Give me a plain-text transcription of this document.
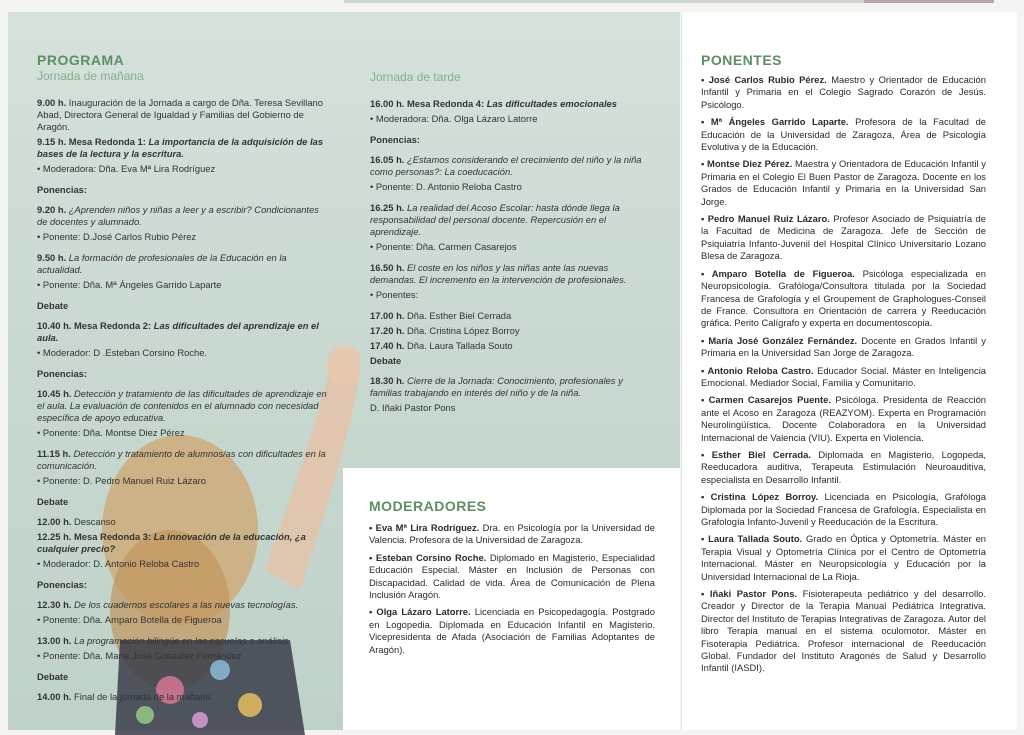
PROGRAMA
Jornada de mañana
9.00 h. Inauguración de la Jornada a cargo de Dña. Teresa Sevillano Abad, Directora General de Igualdad y Familias del Gobierno de Aragón.
9.15 h. Mesa Redonda 1: La importancia de la adquisición de las bases de la lectura y la escritura.
• Moderadora: Dña. Eva Mª Lira Rodríguez
Ponencias:
9.20 h. ¿Aprenden niños y niñas a leer y a escribir? Condicionantes de docentes y alumnado.
• Ponente: D.José Carlos Rubio Pérez
9.50 h. La formación de profesionales de la Educación en la actualidad.
• Ponente: Dña. Mª Ángeles Garrido Laparte
Debate
10.40 h. Mesa Redonda 2: Las dificultades del aprendizaje en el aula.
• Moderador: D .Esteban Corsino Roche.
Ponencias:
10.45 h. Detección y tratamiento de las dificultades de aprendizaje en el aula. La evaluación de contenidos en el alumnado con necesidad específica de apoyo educativa.
• Ponente: Dña. Montse Diez Pérez
11.15 h. Detección y tratamiento de alumnos/as con dificultades en la comunicación.
• Ponente: D. Pedro Manuel Ruiz Lázaro
Debate
12.00 h. Descanso
12.25 h. Mesa Redonda 3: La innovación de la educación, ¿a cualquier precio?
• Moderador: D. Antonio Reloba Castro
Ponencias:
12.30 h. De los cuadernos escolares a las nuevas tecnologías.
• Ponente: Dña. Amparo Botella de Figueroa
13.00 h. La programación bilingüe en las escuelas a análisis.
• Ponente: Dña. María José González Fernández
Debate
14.00 h. Final de la jornada de la mañana
Jornada de tarde
16.00 h. Mesa Redonda 4: Las dificultades emocionales
• Moderadora: Dña. Olga Lázaro Latorre
Ponencias:
16.05 h. ¿Estamos considerando el crecimiento del niño y la niña como personas?: La coeducación.
• Ponente: D. Antonio Reloba Castro
16.25 h. La realidad del Acoso Escolar: hasta dónde llega la responsabilidad del personal docente. Repercusión en el aprendizaje.
• Ponente: Dña. Carmen Casarejos
16.50 h. El coste en los niños y las niñas ante las nuevas demandas. El incremento en la intervención de profesionales.
• Ponentes:
17.00 h. Dña. Esther Biel Cerrada
17.20 h. Dña. Cristina López Borroy
17.40 h. Dña. Laura Tallada Souto
Debate
18.30 h. Cierre de la Jornada: Conocimiento, profesionales y familias trabajando en interés del niño y de la niña.
D. Iñaki Pastor Pons
MODERADORES
• Eva Mª Lira Rodríguez. Dra. en Psicología por la Universidad de Valencia. Profesora de la Universidad de Zaragoza.
• Esteban Corsino Roche. Diplomado en Magisterio, Especialidad Educación Especial. Máster en Inclusión de Personas con Discapacidad. Calidad de vida. Área de Comunicación de Plena Inclusión Aragón.
• Olga Lázaro Latorre. Licenciada en Psicopedagogía. Postgrado en Logopedia. Diplomada en Educación Infantil en Magisterio. Vicepresidenta de Afada (Asociación de Familias Adoptantes de Aragón).
PONENTES
• José Carlos Rubio Pérez. Maestro y Orientador de Educación Infantil y Primaria en el Colegio Sagrado Corazón de Jesús. Psicólogo.
• Mª Ángeles Garrido Laparte. Profesora de la Facultad de Educación de la Universidad de Zaragoza, Área de Psicología Evolutiva y de la Educación.
• Montse Diez Pérez. Maestra y Orientadora de Educación Infantil y Primaria en el Colegio El Buen Pastor de Zaragoza. Docente en los Grados de Educación Infantil y Primaria en la Universidad San Jorge.
• Pedro Manuel Ruiz Lázaro. Profesor Asociado de Psiquiatría de la Facultad de Medicina de Zaragoza. Jefe de Sección de Psiquiatría Infanto-Juvenil del Hospital Clínico Universitario Lozano Blesa de Zaragoza.
• Amparo Botella de Figueroa. Psicóloga especializada en Neuropsicología. Grafóloga/Consultora titulada por la Sociedad Francesa de Grafología y el Groupement de Graphologues-Conseil de France. Consultora en Orientación de carrera y Reeducación gráfica. Perito Calígrafo y experta en documentoscopia.
• María José González Fernández. Docente en Grados Infantil y Primaria en la Universidad San Jorge de Zaragoza.
• Antonio Reloba Castro. Educador Social. Máster en Inteligencia Emocional. Mediador Social, Familia y Comunitario.
• Carmen Casarejos Puente. Psicóloga. Presidenta de Reacción ante el Acoso en Zaragoza (REAZYOM). Experta en Programación Neurolingüística. Docente Colaboradora en la Universidad Internacional de Valencia (VIU). Experta en Violencia.
• Esther Biel Cerrada. Diplomada en Magisterio, Logopeda, Reeducadora auditiva, Terapeuta Estimulación Neuroauditiva, especialista en Desarrollo Infantil.
• Cristina López Borroy. Licenciada en Psicología, Grafóloga Diplomada por la Sociedad Francesa de Grafología. Especialista en Grafología Infanto-Juvenil y Reeducación de la Escritura.
• Laura Tallada Souto. Grado en Óptica y Optometría. Máster en Terapia Visual y Optometría Clínica por el Centro de Optometría Internacional. Máster en Neuropsicología y Educación por la Universidad Internacional de La Rioja.
• Iñaki Pastor Pons. Fisioterapeuta pediátrico y del desarrollo. Creador y Director de la Terapia Manual Pediátrica Integrativa. Director del Instituto de Terapias Integrativas de Zaragoza. Autor del libro Terapia manual en el sistema oculomotor. Máster en Fisoterapia Pediátrica. Profesor internacional de Reeducación Global. Fundador del Instituto Aragonés de Salud y Desarrollo Infantil (IASDI).
